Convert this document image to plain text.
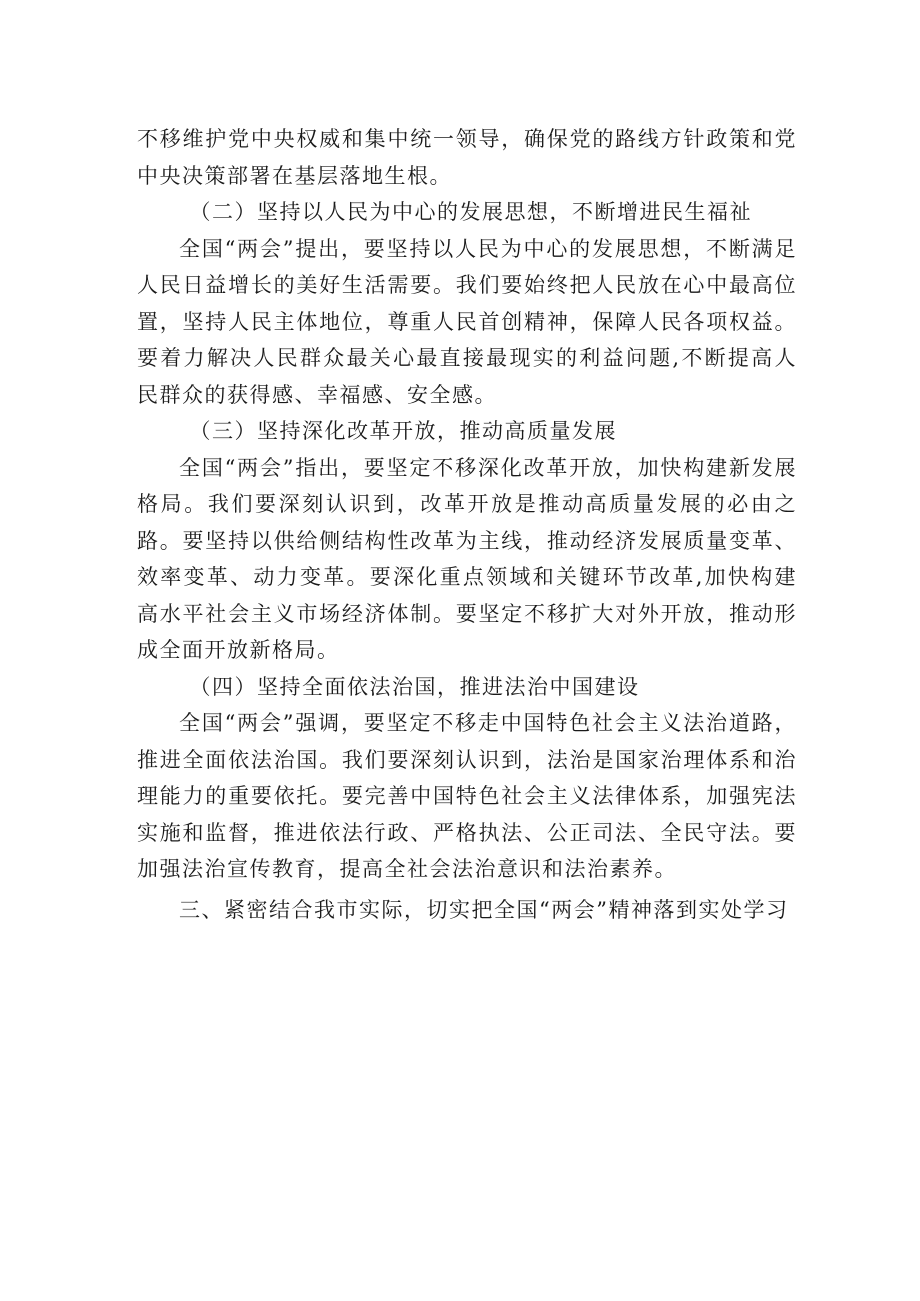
不移维护党中央权威和集中统一领导，确保党的路线方针政策和党中央决策部署在基层落地生根。

（二）坚持以人民为中心的发展思想，不断增进民生福祉

全国“两会”提出，要坚持以人民为中心的发展思想，不断满足人民日益增长的美好生活需要。我们要始终把人民放在心中最高位置，坚持人民主体地位，尊重人民首创精神，保障人民各项权益。要着力解决人民群众最关心最直接最现实的利益问题,不断提高人民群众的获得感、幸福感、安全感。

（三）坚持深化改革开放，推动高质量发展

全国“两会”指出，要坚定不移深化改革开放，加快构建新发展格局。我们要深刻认识到，改革开放是推动高质量发展的必由之路。要坚持以供给侧结构性改革为主线，推动经济发展质量变革、效率变革、动力变革。要深化重点领域和关键环节改革,加快构建高水平社会主义市场经济体制。要坚定不移扩大对外开放，推动形成全面开放新格局。

（四）坚持全面依法治国，推进法治中国建设

全国“两会”强调，要坚定不移走中国特色社会主义法治道路，推进全面依法治国。我们要深刻认识到，法治是国家治理体系和治理能力的重要依托。要完善中国特色社会主义法律体系，加强宪法实施和监督，推进依法行政、严格执法、公正司法、全民守法。要加强法治宣传教育，提高全社会法治意识和法治素养。

三、紧密结合我市实际，切实把全国“两会”精神落到实处学习
